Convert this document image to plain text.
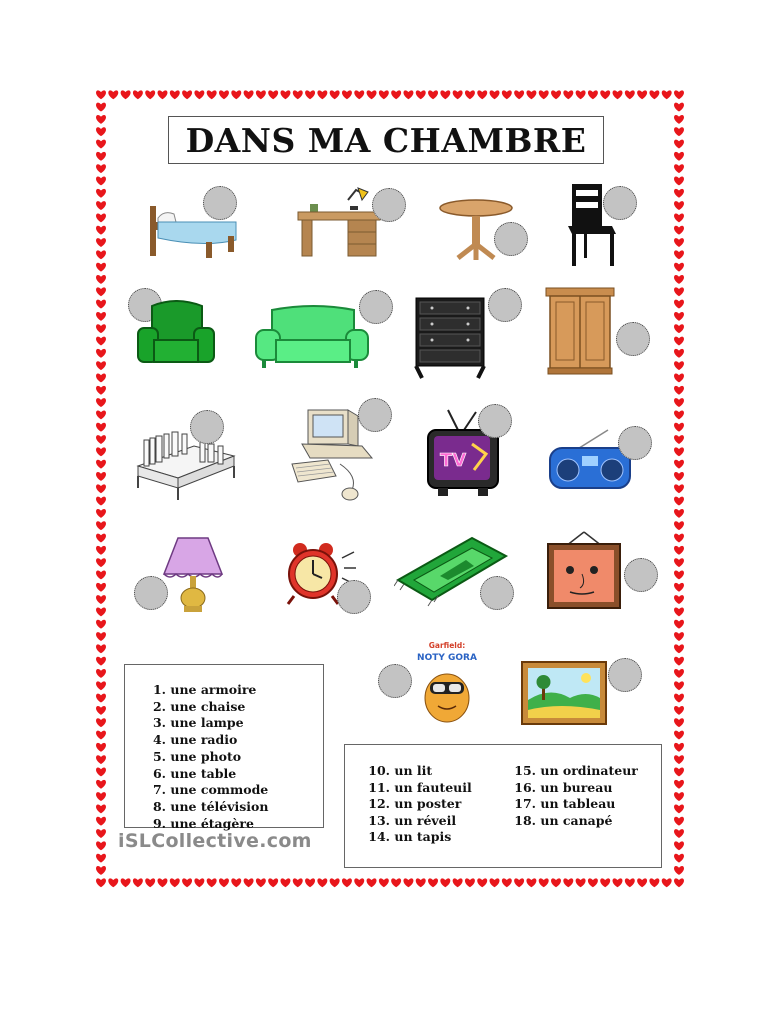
DANS MA CHAMBRE
TV
Garfield:
NOTY GORA
1. une armoire
2. une chaise
3. une lampe
4. une radio
5. une photo
6. une table
7. une commode
8. une télévision
9. une étagère
10. un lit
11. un fauteuil
12. un poster
13. un réveil
14. un tapis
15. un ordinateur
16. un bureau
17. un tableau
18. un canapé
iSLCollective.com
